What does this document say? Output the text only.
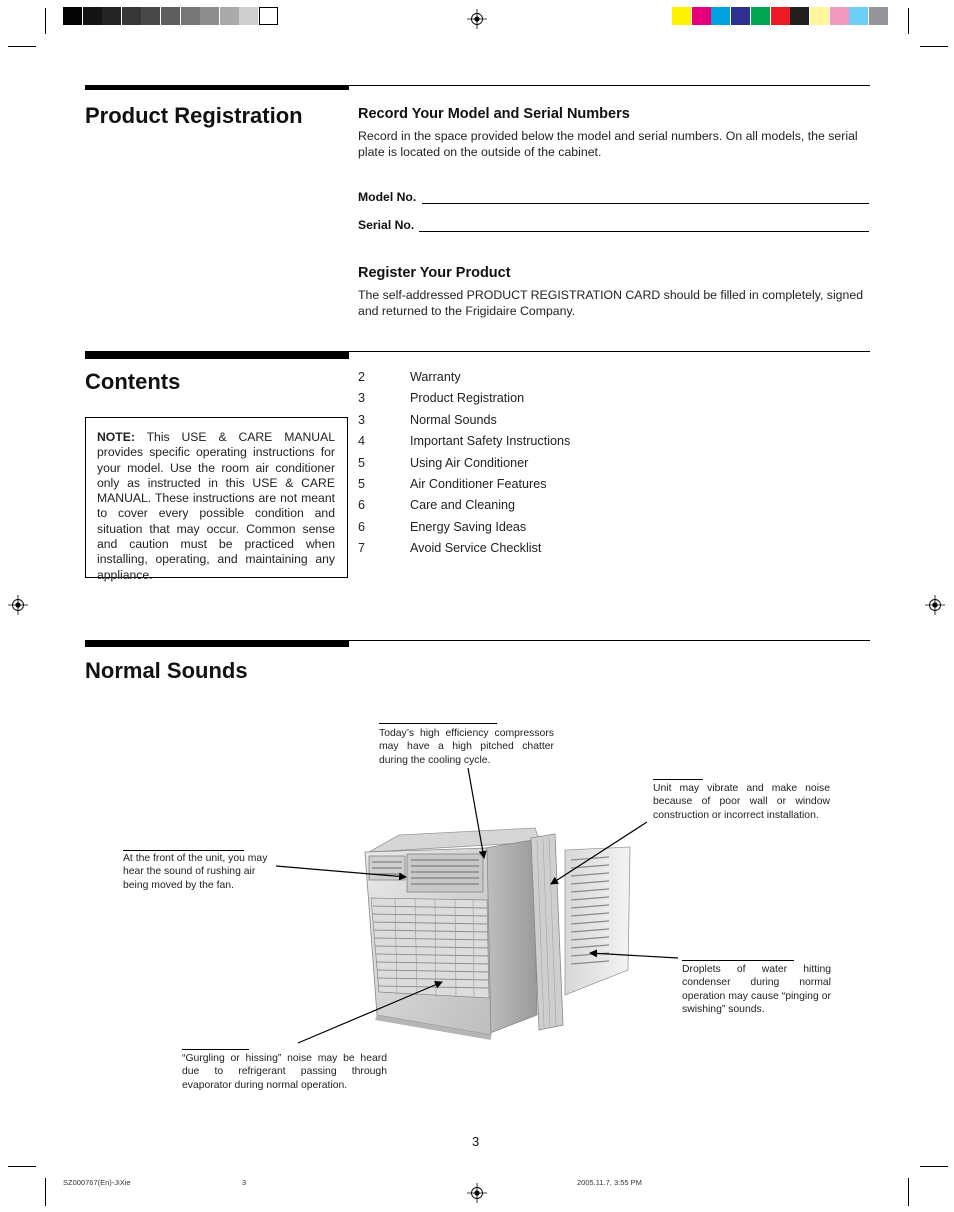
Product Registration	Record Your Model and Serial Numbers

Record in the space provided below the model and serial numbers. On all models, the serial plate is located on the outside of the cabinet.

Model No.
Serial No.
Register Your Product

The self-addressed PRODUCT REGISTRATION CARD should be filled in completely, signed and returned to the Frigidaire Company.

Contents
NOTE: This USE & CARE MANUAL provides specific operating instructions for your model. Use the room air conditioner only as instructed in this USE & CARE MANUAL. These instructions are not meant to cover every possible condition and situation that may occur. Common sense and caution must be practiced when installing, operating, and maintaining any appliance.
2	Warranty
3	Product Registration
3	Normal Sounds
4	Important Safety Instructions
5	Using Air Conditioner
5	Air Conditioner Features
6	Care and Cleaning
6	Energy Saving Ideas
7	Avoid Service Checklist
Normal Sounds
Today’s high efficiency compressors may have a high pitched chatter during the cooling cycle.
Unit may vibrate and make noise because of poor wall or window construction or incorrect installation.
At the front of the unit, you may hear the sound of rushing air being moved by the fan.
Droplets of water hitting condenser during normal operation may cause “pinging or swishing” sounds.
“Gurgling or hissing” noise may be heard due to refrigerant passing through evaporator during normal operation.
3
SZ000767(En)-JiXie	3	2005.11.7, 3:55 PM
